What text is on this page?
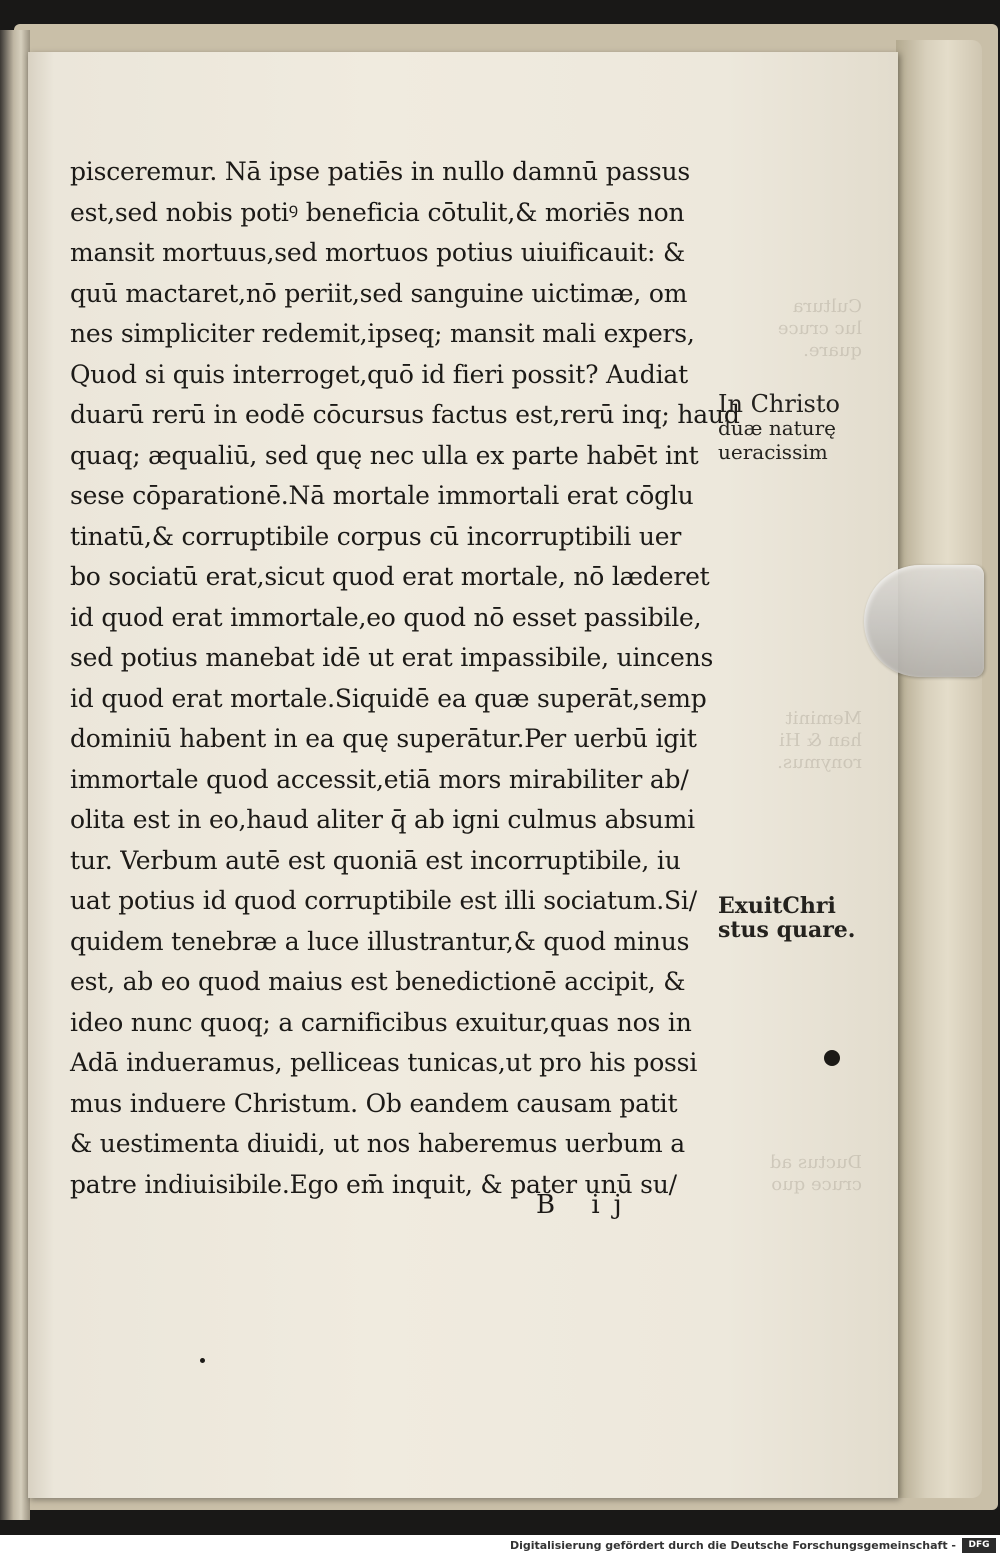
Cultura
luc cruce
quare.
Meminit
han & Hi
ronymus.
Ductus ad
cruce quo
pisceremur. Nā ipse patiēs in nullo damnū passus
est,sed nobis potiꝰ beneficia cōtulit,& moriēs non
mansit mortuus,sed mortuos potius uiuificauit: &
quū mactaret,nō periit,sed sanguine uictimæ, om
nes simpliciter redemit,ipseq; mansit mali expers,
Quod si quis interroget,quō id fieri possit? Audiat
duarū rerū in eodē cōcursus factus est,rerū inq; haud
quaq; æqualiū, sed quę nec ulla ex parte habēt int
sese cōparationē.Nā mortale immortali erat cōglu
tinatū,& corruptibile corpus cū incorruptibili uer
bo sociatū erat,sicut quod erat mortale, nō læderet
id quod erat immortale,eo quod nō esset passibile,
sed potius manebat idē ut erat impassibile, uincens
id quod erat mortale.Siquidē ea quæ superāt,semp
dominiū habent in ea quę superātur.Per uerbū igit
immortale quod accessit,etiā mors mirabiliter ab/
olita est in eo,haud aliter q̄ ab igni culmus absumi
tur. Verbum autē est quoniā est incorruptibile, iu
uat potius id quod corruptibile est illi sociatum.Si/
quidem tenebræ a luce illustrantur,& quod minus
est, ab eo quod maius est benedictionē accipit, &
ideo nunc quoq; a carnificibus exuitur,quas nos in
Adā indueramus, pelliceas tunicas,ut pro his possi
mus induere Christum. Ob eandem causam patit
& uestimenta diuidi, ut nos haberemus uerbum a
patre indiuisibile.Ego em̄ inquit, & pater unū su/
B ij
In Christo
duæ naturę
ueracissim
ExuitChri
stus quare.
Digitalisierung gefördert durch die Deutsche Forschungsgemeinschaft -	DFG
